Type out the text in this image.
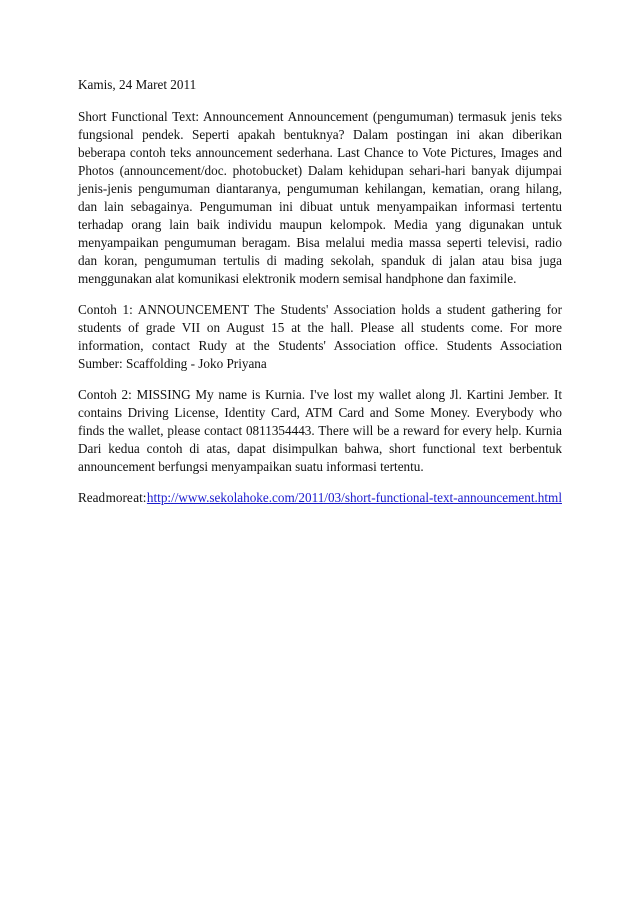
Kamis, 24 Maret 2011

Short Functional Text: Announcement Announcement (pengumuman) termasuk jenis teks fungsional pendek. Seperti apakah bentuknya? Dalam postingan ini akan diberikan beberapa contoh teks announcement sederhana. Last Chance to Vote Pictures, Images and Photos (announcement/doc. photobucket) Dalam kehidupan sehari-hari banyak dijumpai jenis-jenis pengumuman diantaranya, pengumuman kehilangan, kematian, orang hilang, dan lain sebagainya. Pengumuman ini dibuat untuk menyampaikan informasi tertentu terhadap orang lain baik individu maupun kelompok. Media yang digunakan untuk menyampaikan pengumuman beragam. Bisa melalui media massa seperti televisi, radio dan koran, pengumuman tertulis di mading sekolah, spanduk di jalan atau bisa juga menggunakan alat komunikasi elektronik modern semisal handphone dan faximile.

Contoh 1: ANNOUNCEMENT The Students' Association holds a student gathering for students of grade VII on August 15 at the hall. Please all students come. For more information, contact Rudy at the Students' Association office. Students Association Sumber: Scaffolding - Joko Priyana

Contoh 2: MISSING My name is Kurnia. I've lost my wallet along Jl. Kartini Jember. It contains Driving License, Identity Card, ATM Card and Some Money. Everybody who finds the wallet, please contact 0811354443. There will be a reward for every help. Kurnia Dari kedua contoh di atas, dapat disimpulkan bahwa, short functional text berbentuk announcement berfungsi menyampaikan suatu informasi tertentu.

Read more at: http://www.sekolahoke.com/2011/03/short-functional-text-announcement.html
